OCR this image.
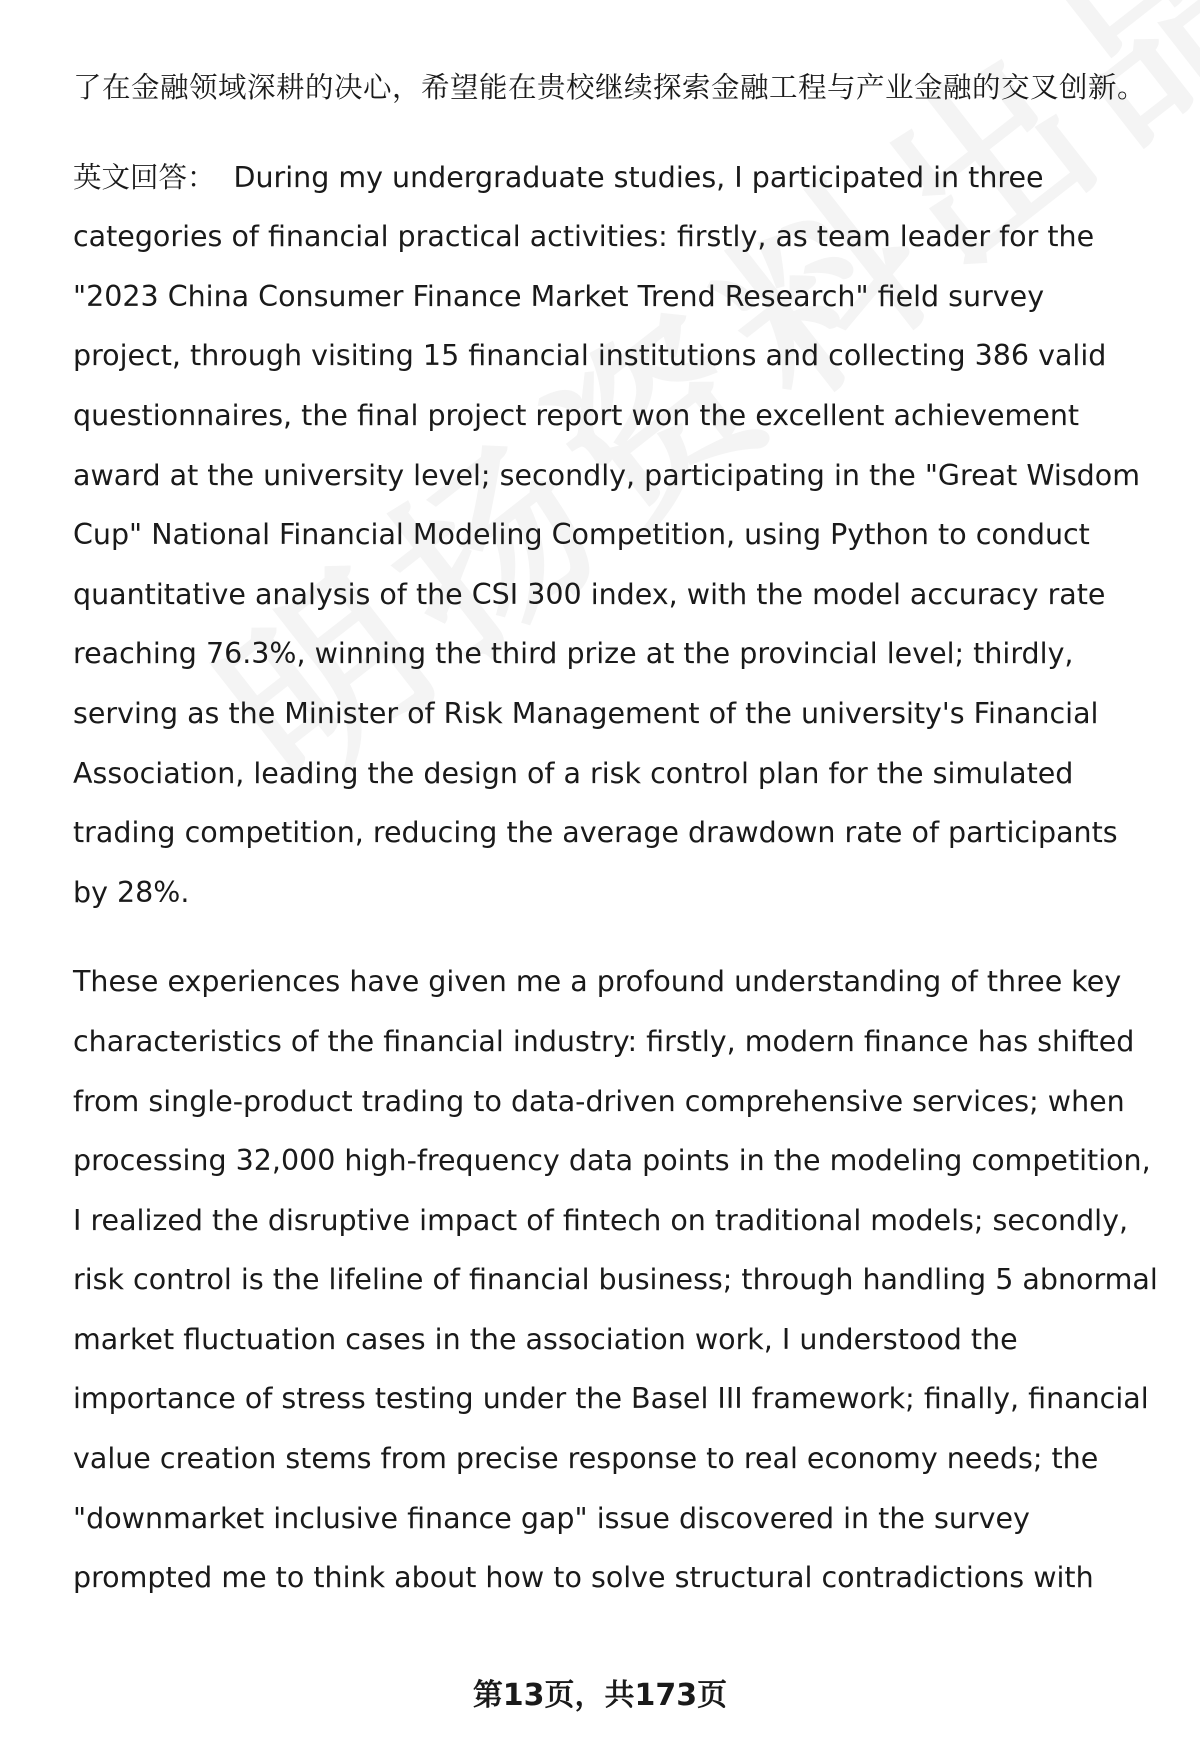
了在金融领域深耕的决心，希望能在贵校继续探索金融工程与产业金融的交叉创新。

英文回答： During my undergraduate studies, I participated in three categories of financial practical activities: firstly, as team leader for the "2023 China Consumer Finance Market Trend Research" field survey project, through visiting 15 financial institutions and collecting 386 valid questionnaires, the final project report won the excellent achievement award at the university level; secondly, participating in the "Great Wisdom Cup" National Financial Modeling Competition, using Python to conduct quantitative analysis of the CSI 300 index, with the model accuracy rate reaching 76.3%, winning the third prize at the provincial level; thirdly, serving as the Minister of Risk Management of the university's Financial Association, leading the design of a risk control plan for the simulated trading competition, reducing the average drawdown rate of participants by 28%.

These experiences have given me a profound understanding of three key characteristics of the financial industry: firstly, modern finance has shifted from single-product trading to data-driven comprehensive services; when processing 32,000 high-frequency data points in the modeling competition, I realized the disruptive impact of fintech on traditional models; secondly, risk control is the lifeline of financial business; through handling 5 abnormal market fluctuation cases in the association work, I understood the importance of stress testing under the Basel III framework; finally, financial value creation stems from precise response to real economy needs; the "downmarket inclusive finance gap" issue discovered in the survey prompted me to think about how to solve structural contradictions with

第13页，共173页
